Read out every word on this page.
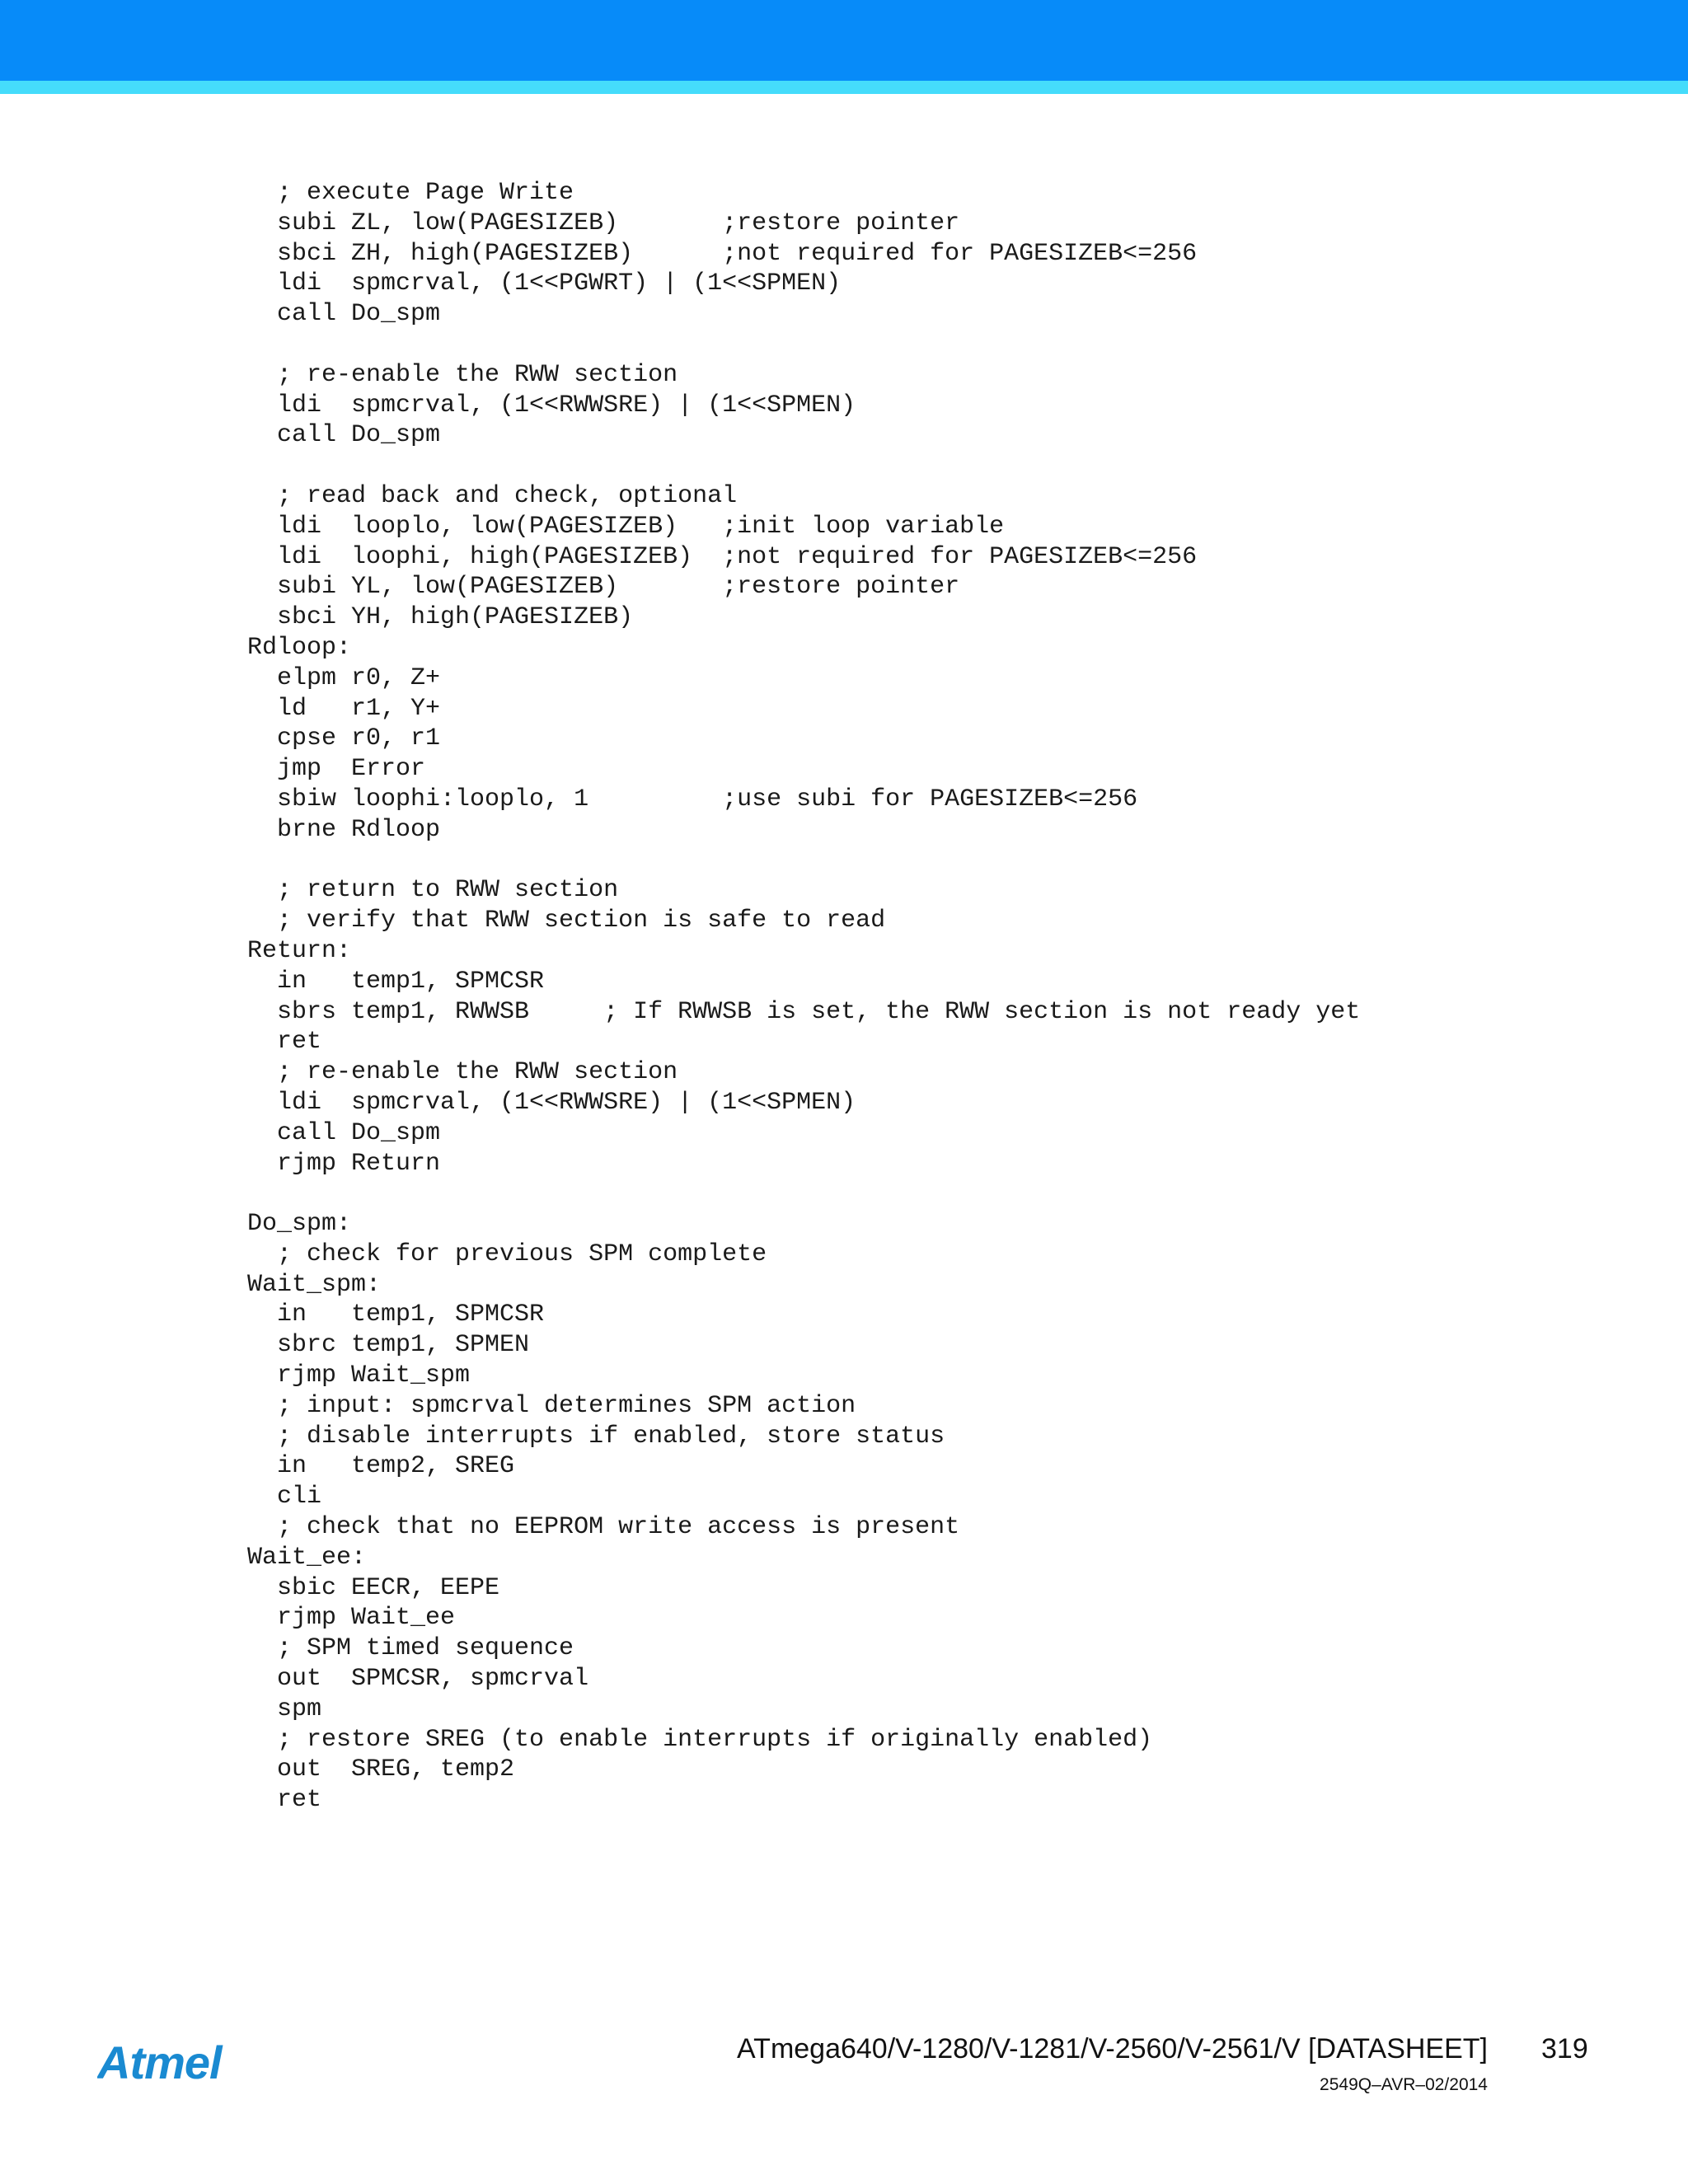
; execute Page Write
subi ZL, low(PAGESIZEB)       ;restore pointer
sbci ZH, high(PAGESIZEB)      ;not required for PAGESIZEB<=256
ldi  spmcrval, (1<<PGWRT) | (1<<SPMEN)
call Do_spm
; re-enable the RWW section
ldi  spmcrval, (1<<RWWSRE) | (1<<SPMEN)
call Do_spm
; read back and check, optional
ldi  looplo, low(PAGESIZEB)   ;init loop variable
ldi  loophi, high(PAGESIZEB)  ;not required for PAGESIZEB<=256
subi YL, low(PAGESIZEB)       ;restore pointer
sbci YH, high(PAGESIZEB)
Rdloop:
elpm r0, Z+
ld   r1, Y+
cpse r0, r1
jmp  Error
sbiw loophi:looplo, 1         ;use subi for PAGESIZEB<=256
brne Rdloop
; return to RWW section
; verify that RWW section is safe to read
Return:
in   temp1, SPMCSR
sbrs temp1, RWWSB     ; If RWWSB is set, the RWW section is not ready yet
ret
; re-enable the RWW section
ldi  spmcrval, (1<<RWWSRE) | (1<<SPMEN)
call Do_spm
rjmp Return
Do_spm:
; check for previous SPM complete
Wait_spm:
in   temp1, SPMCSR
sbrc temp1, SPMEN
rjmp Wait_spm
; input: spmcrval determines SPM action
; disable interrupts if enabled, store status
in   temp2, SREG
cli
; check that no EEPROM write access is present
Wait_ee:
sbic EECR, EEPE
rjmp Wait_ee
; SPM timed sequence
out  SPMCSR, spmcrval
spm
; restore SREG (to enable interrupts if originally enabled)
out  SREG, temp2
ret
Atmel	ATmega640/V-1280/V-1281/V-2560/V-2561/V [DATASHEET] 319
2549Q–AVR–02/2014
